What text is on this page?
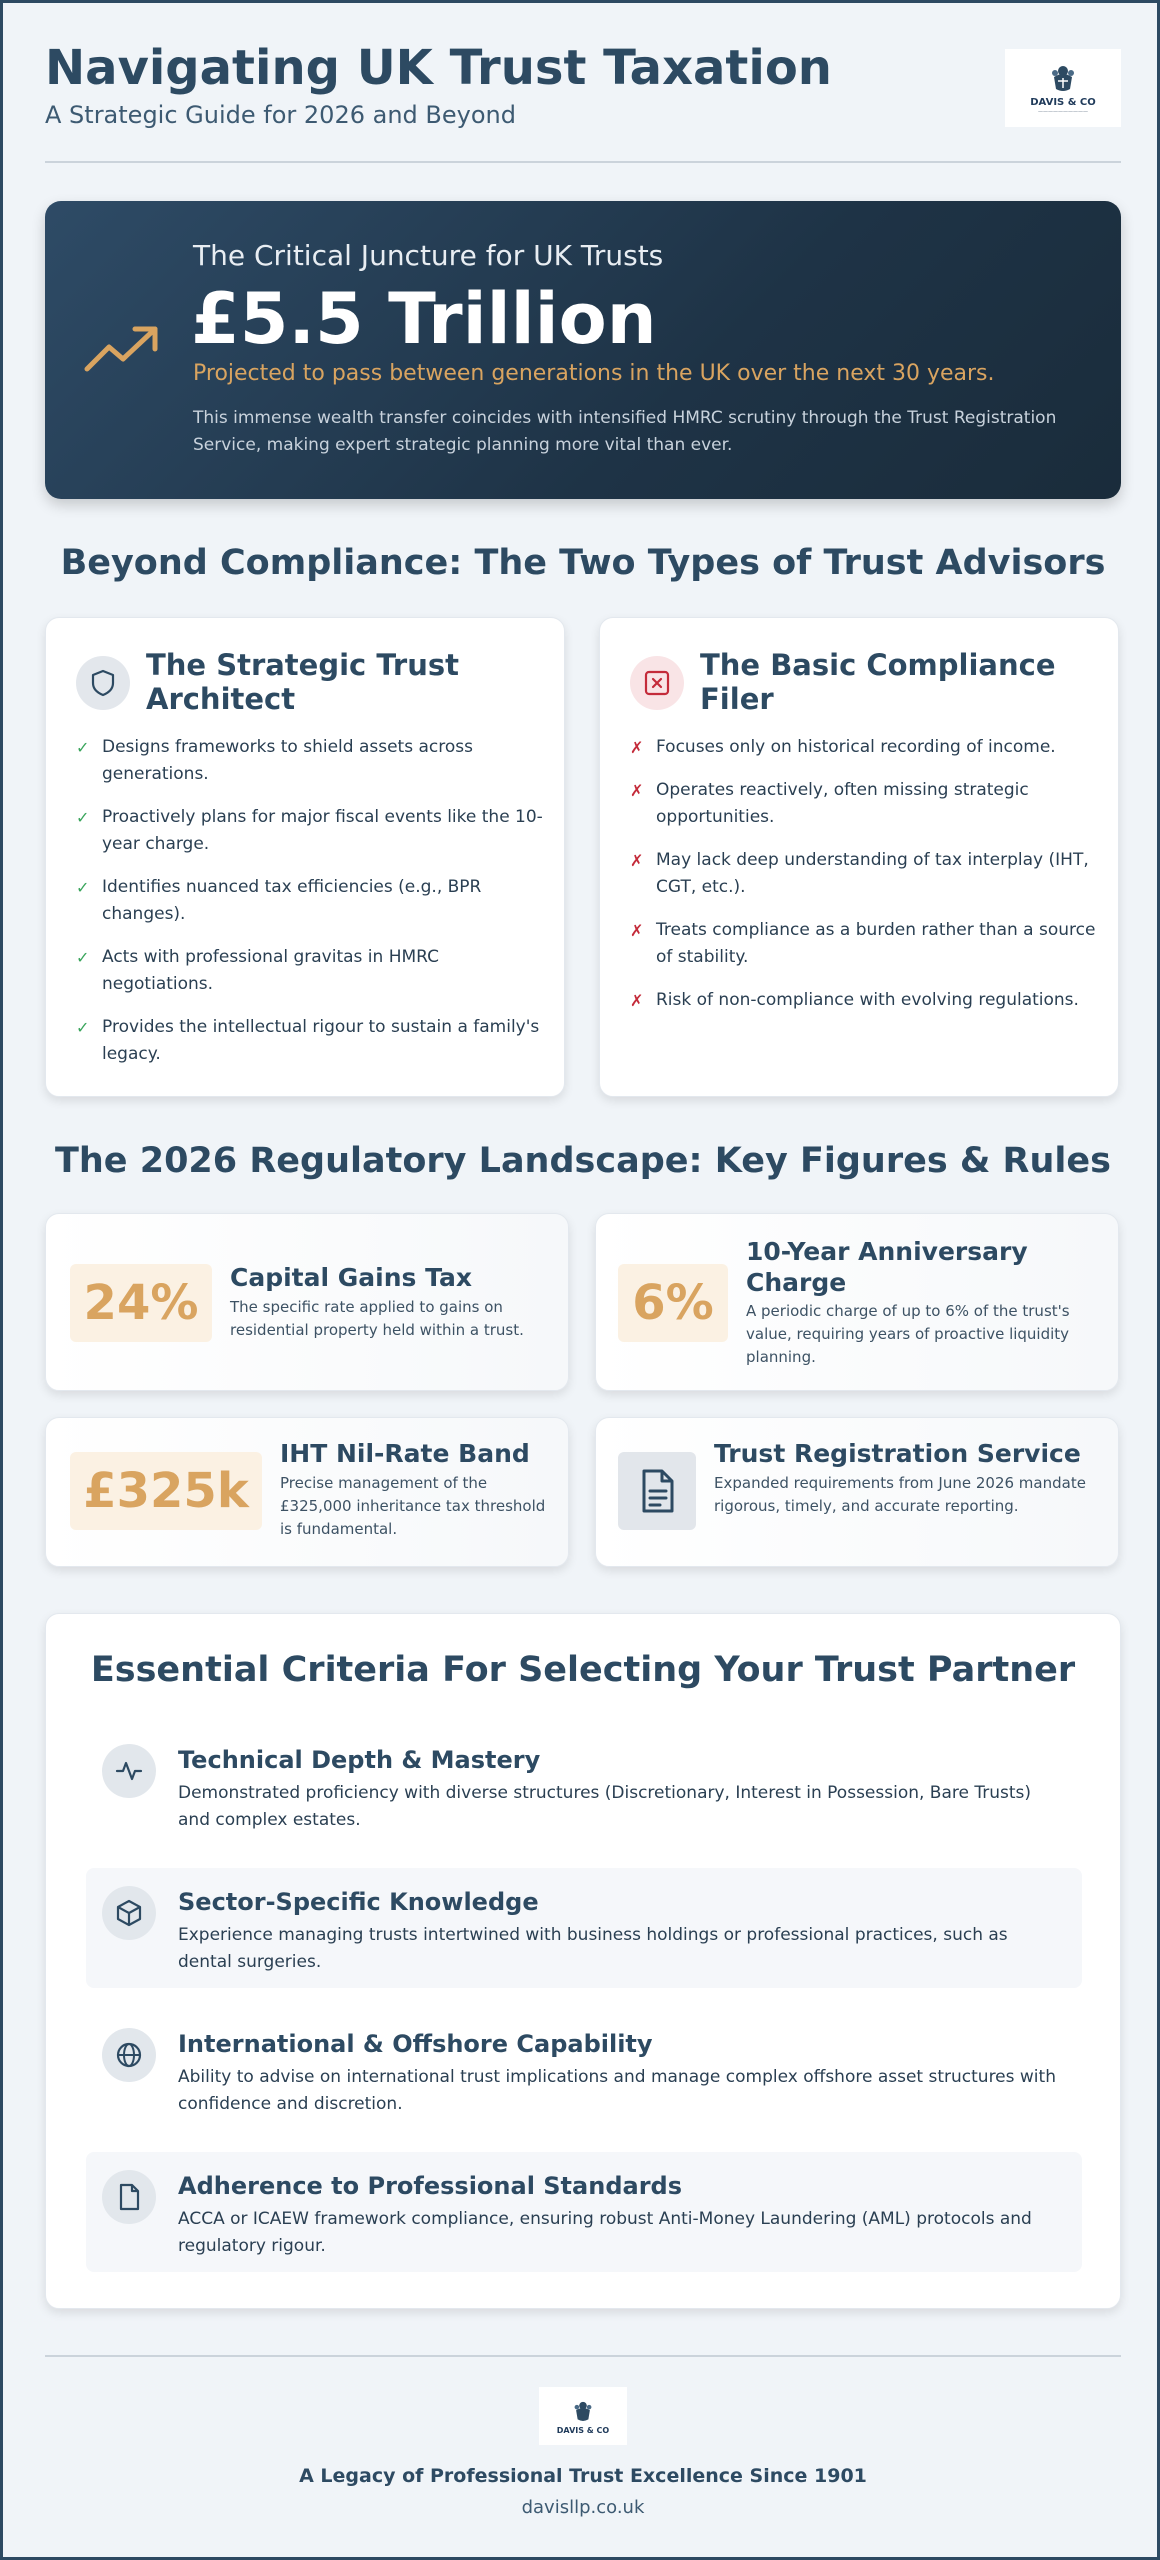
Navigating UK Trust Taxation
A Strategic Guide for 2026 and Beyond	DAVIS & CO
——————————
The Critical Juncture for UK Trusts
£5.5 Trillion
Projected to pass between generations in the UK over the next 30 years.
This immense wealth transfer coincides with intensified HMRC scrutiny through the Trust Registration Service, making expert strategic planning more vital than ever.
Beyond Compliance: The Two Types of Trust Advisors
The Strategic Trust Architect
✓ Designs frameworks to shield assets across generations.
✓ Proactively plans for major fiscal events like the 10-year charge.
✓ Identifies nuanced tax efficiencies (e.g., BPR changes).
✓ Acts with professional gravitas in HMRC negotiations.
✓ Provides the intellectual rigour to sustain a family's legacy.
The Basic Compliance Filer
✗ Focuses only on historical recording of income.
✗ Operates reactively, often missing strategic opportunities.
✗ May lack deep understanding of tax interplay (IHT, CGT, etc.).
✗ Treats compliance as a burden rather than a source of stability.
✗ Risk of non-compliance with evolving regulations.
The 2026 Regulatory Landscape: Key Figures & Rules
24%	Capital Gains Tax
The specific rate applied to gains on residential property held within a trust.	6%
10-Year Anniversary Charge
A periodic charge of up to 6% of the trust's value, requiring years of proactive liquidity planning.
£325k
IHT Nil-Rate Band
Precise management of the £325,000 inheritance tax threshold is fundamental.
Trust Registration Service
Expanded requirements from June 2026 mandate rigorous, timely, and accurate reporting.
Essential Criteria For Selecting Your Trust Partner
Technical Depth & Mastery
Demonstrated proficiency with diverse structures (Discretionary, Interest in Possession, Bare Trusts) and complex estates.
Sector-Specific Knowledge
Experience managing trusts intertwined with business holdings or professional practices, such as dental surgeries.
International & Offshore Capability
Ability to advise on international trust implications and manage complex offshore asset structures with confidence and discretion.
Adherence to Professional Standards
ACCA or ICAEW framework compliance, ensuring robust Anti-Money Laundering (AML) protocols and regulatory rigour.
DAVIS & CO
A Legacy of Professional Trust Excellence Since 1901
davisllp.co.uk
